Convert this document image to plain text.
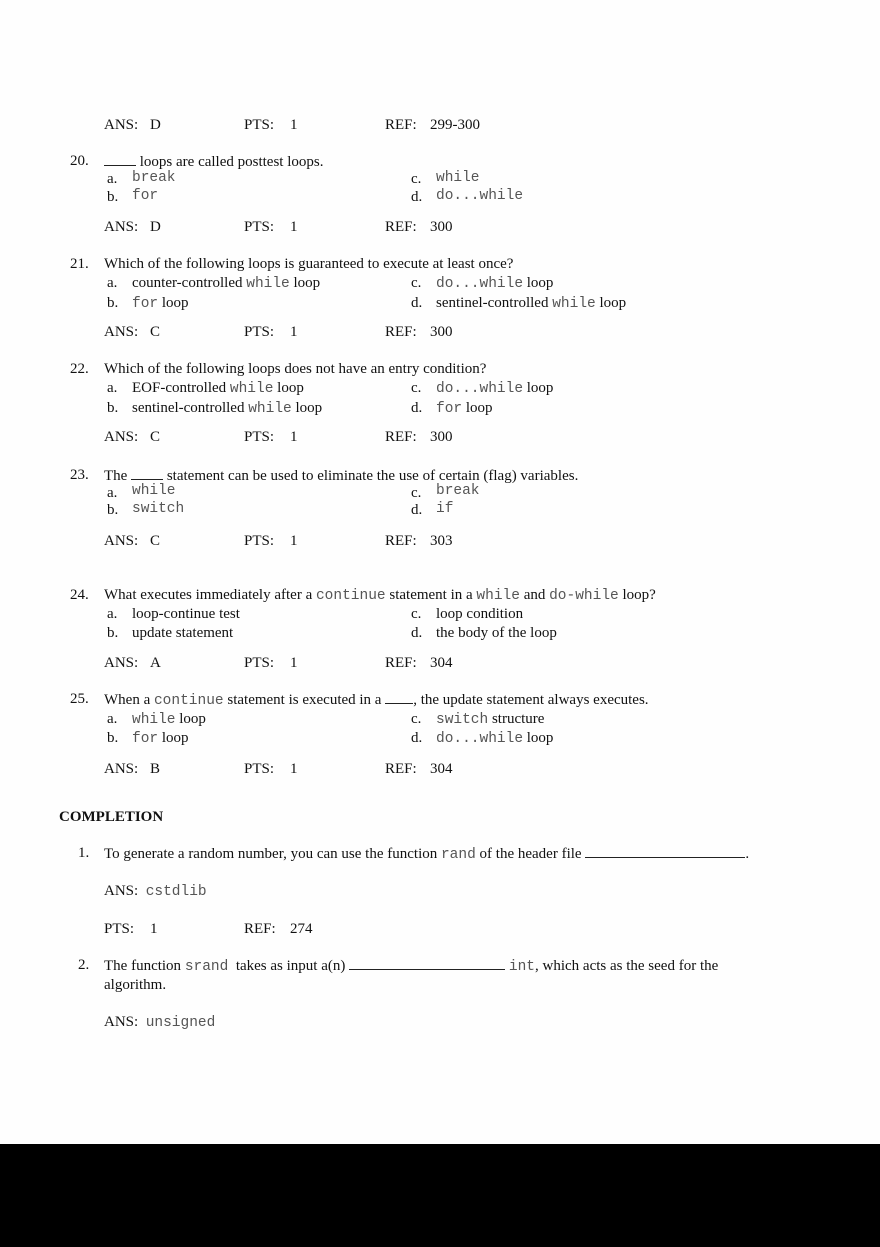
ANS: D	PTS: 1	REF: 299-300
20.	loops are called posttest loops.
a. break
b. for
c. while
d. do...while
ANS: D	PTS: 1	REF: 300
21. Which of the following loops is guaranteed to execute at least once?
a. counter-controlled while loop
b. for loop
c. do...while loop
d. sentinel-controlled while loop
ANS: C	PTS: 1	REF: 300
22. Which of the following loops does not have an entry condition?
a. EOF-controlled while loop
b. sentinel-controlled while loop
c. do...while loop
d. for loop
ANS: C	PTS: 1	REF: 300
23. The	statement can be used to eliminate the use of certain (flag) variables.
a. while
b. switch
c. break
d. if
ANS: C	PTS: 1	REF: 303
24. What executes immediately after a continue statement in a while and do-while loop?
a. loop-continue test
b. update statement
c. loop condition
d. the body of the loop
ANS: A	PTS: 1	REF: 304
25. When a continue statement is executed in a , the update statement always executes.
a. while loop
b. for loop
c. switch structure
d. do...while loop
ANS: B	PTS: 1	REF: 304
COMPLETION
1. To generate a random number, you can use the function rand of the header file	.
ANS: cstdlib
PTS: 1	REF: 274
2. The function srand takes as input a(n)	int, which acts as the seed for the
algorithm.
ANS: unsigned
